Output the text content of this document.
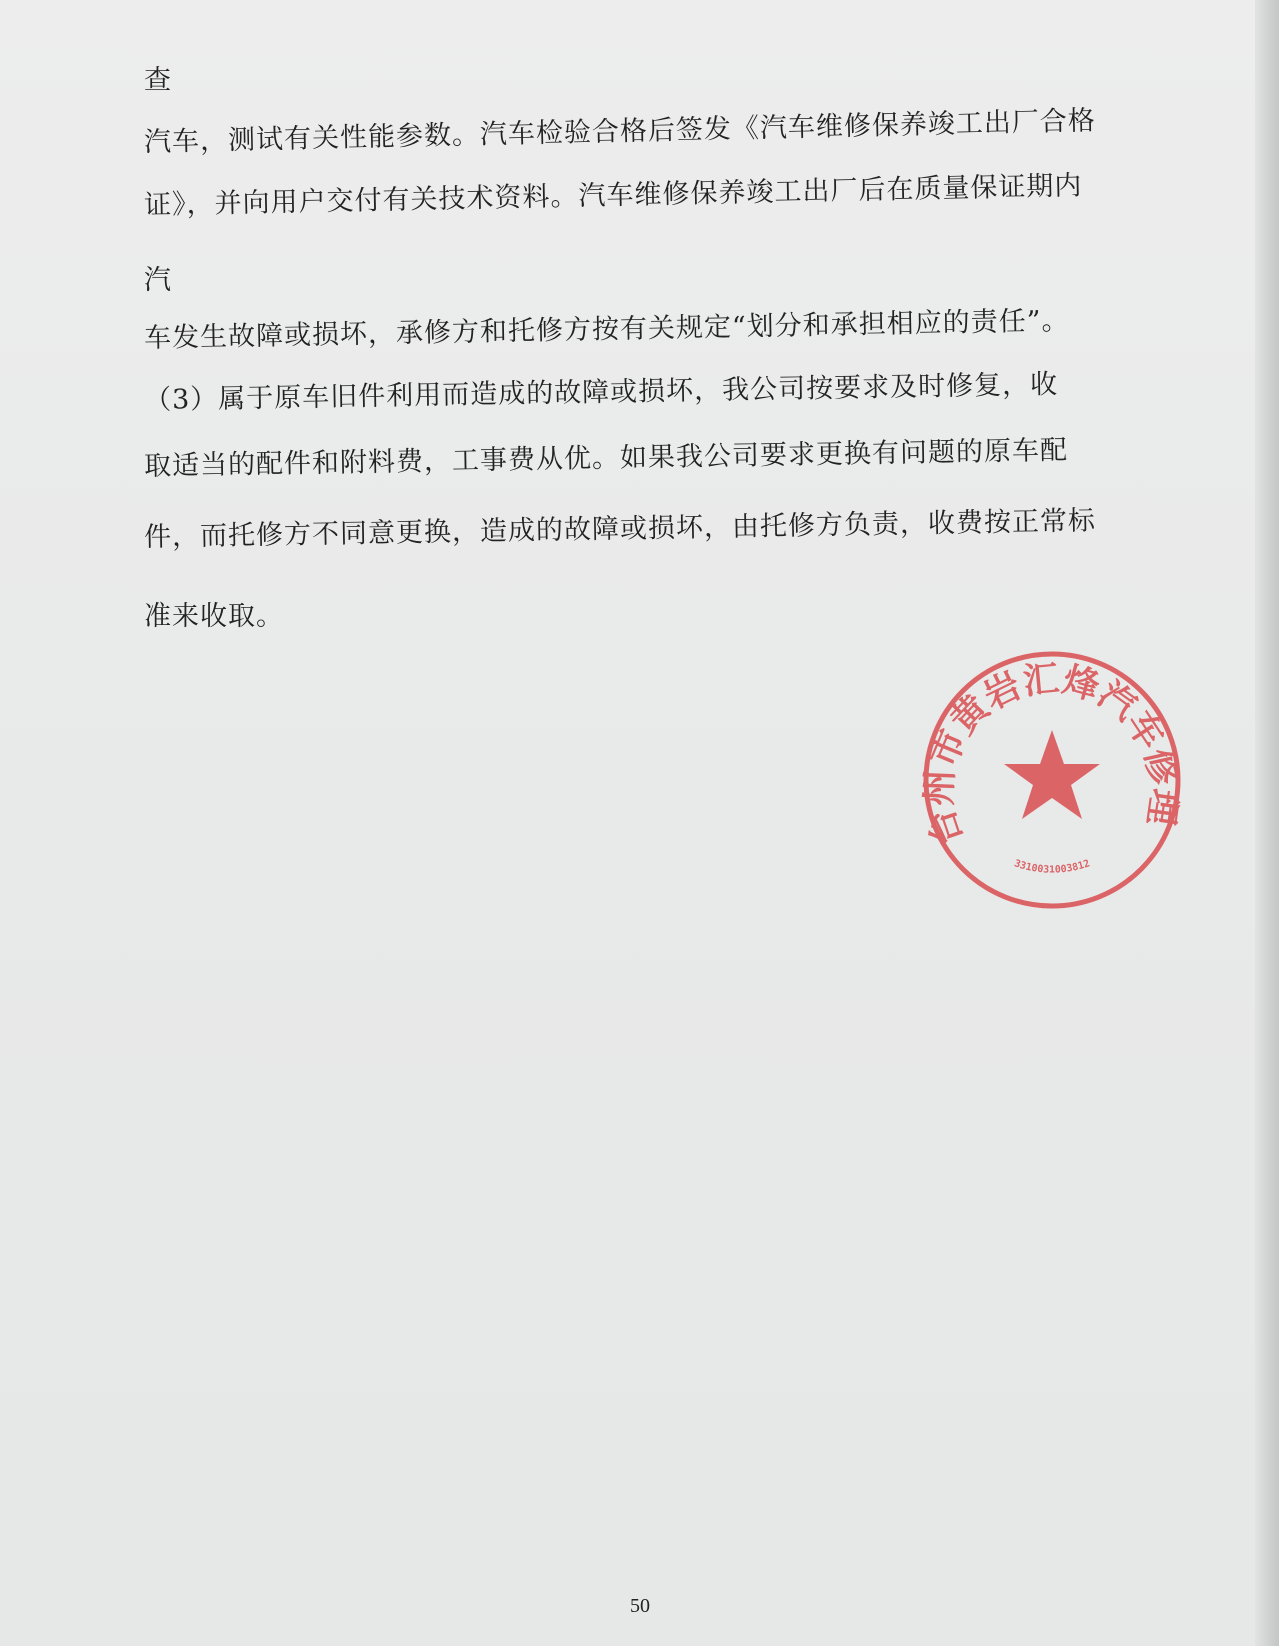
查
汽车，测试有关性能参数。汽车检验合格后签发《汽车维修保养竣工出厂合格
证》，并向用户交付有关技术资料。汽车维修保养竣工出厂后在质量保证期内
汽
车发生故障或损坏，承修方和托修方按有关规定“划分和承担相应的责任”。
（3）属于原车旧件利用而造成的故障或损坏，我公司按要求及时修复，收
取适当的配件和附料费，工事费从优。如果我公司要求更换有问题的原车配
件，而托修方不同意更换，造成的故障或损坏，由托修方负责，收费按正常标
准来收取。
台州市黄岩汇烽汽车修理
3310031003812
50
